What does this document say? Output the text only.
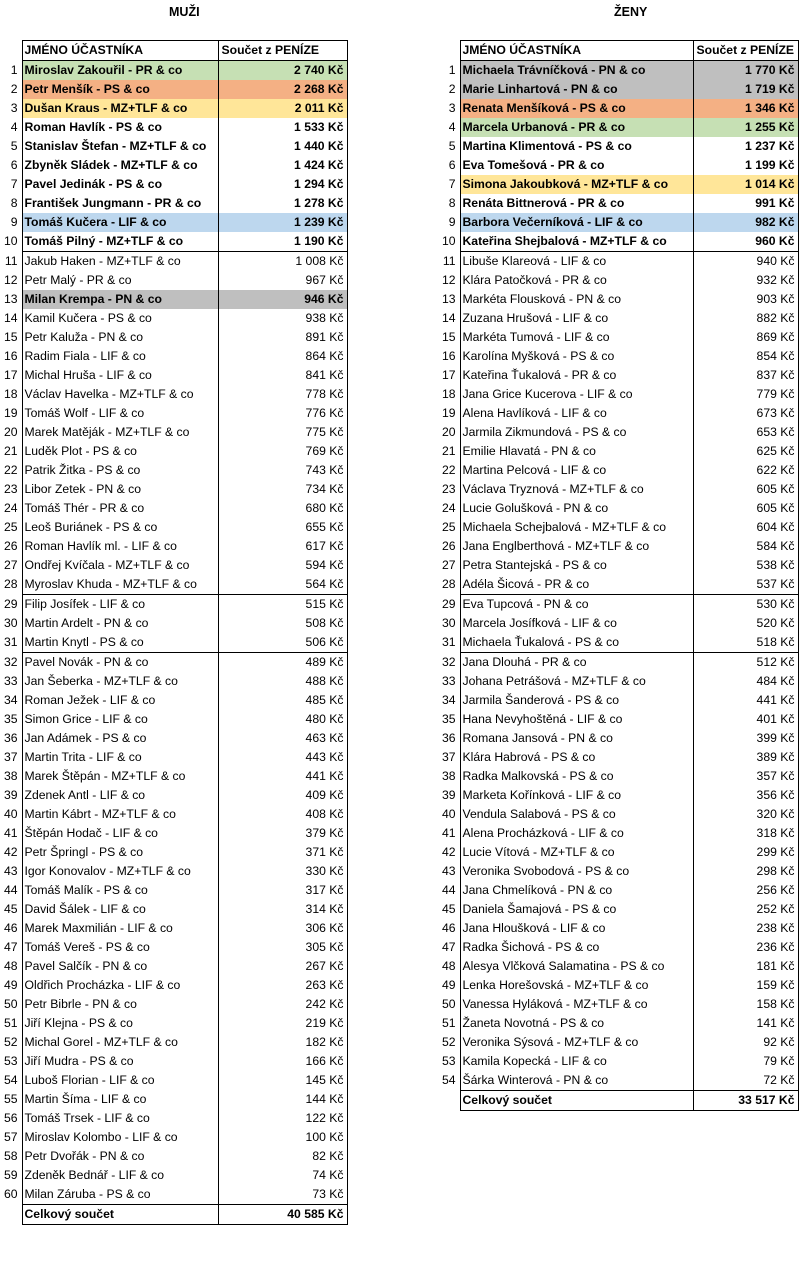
MUŽI	ŽENY
	JMÉNO ÚČASTNÍKA	Součet z PENÍZE
1	Miroslav Zakouřil - PR & co	2 740 Kč
2	Petr Menšík - PS & co	2 268 Kč
3	Dušan Kraus - MZ+TLF & co	2 011 Kč
4	Roman Havlík - PS & co	1 533 Kč
5	Stanislav Štefan - MZ+TLF & co	1 440 Kč
6	Zbyněk Sládek - MZ+TLF & co	1 424 Kč
7	Pavel Jedinák - PS & co	1 294 Kč
8	František Jungmann - PR & co	1 278 Kč
9	Tomáš Kučera - LIF & co	1 239 Kč
10	Tomáš Pilný - MZ+TLF & co	1 190 Kč
11	Jakub Haken - MZ+TLF & co	1 008 Kč
12	Petr Malý - PR & co	967 Kč
13	Milan Krempa - PN & co	946 Kč
14	Kamil Kučera - PS & co	938 Kč
15	Petr Kaluža - PN & co	891 Kč
16	Radim Fiala - LIF & co	864 Kč
17	Michal Hruša - LIF & co	841 Kč
18	Václav Havelka - MZ+TLF & co	778 Kč
19	Tomáš Wolf - LIF & co	776 Kč
20	Marek Matěják - MZ+TLF & co	775 Kč
21	Luděk Plot - PS & co	769 Kč
22	Patrik Žitka - PS & co	743 Kč
23	Libor Zetek - PN & co	734 Kč
24	Tomáš Thér - PR & co	680 Kč
25	Leoš Buriánek - PS & co	655 Kč
26	Roman Havlík ml. - LIF & co	617 Kč
27	Ondřej Kvíčala - MZ+TLF & co	594 Kč
28	Myroslav Khuda - MZ+TLF & co	564 Kč
29	Filip Josífek - LIF & co	515 Kč
30	Martin Ardelt - PN & co	508 Kč
31	Martin Knytl - PS & co	506 Kč
32	Pavel Novák - PN & co	489 Kč
33	Jan Šeberka - MZ+TLF & co	488 Kč
34	Roman Ježek - LIF & co	485 Kč
35	Simon Grice - LIF & co	480 Kč
36	Jan Adámek - PS & co	463 Kč
37	Martin Trita - LIF & co	443 Kč
38	Marek Štěpán - MZ+TLF & co	441 Kč
39	Zdenek Antl - LIF & co	409 Kč
40	Martin Kábrt - MZ+TLF & co	408 Kč
41	Štěpán Hodač - LIF & co	379 Kč
42	Petr Špringl - PS & co	371 Kč
43	Igor Konovalov - MZ+TLF & co	330 Kč
44	Tomáš Malík - PS & co	317 Kč
45	David Šálek - LIF & co	314 Kč
46	Marek Maxmilián - LIF & co	306 Kč
47	Tomáš Vereš - PS & co	305 Kč
48	Pavel Salčík - PN & co	267 Kč
49	Oldřich Procházka - LIF & co	263 Kč
50	Petr Bibrle - PN & co	242 Kč
51	Jiří Klejna - PS & co	219 Kč
52	Michal Gorel - MZ+TLF & co	182 Kč
53	Jiří Mudra - PS & co	166 Kč
54	Luboš Florian - LIF & co	145 Kč
55	Martin Šíma - LIF & co	144 Kč
56	Tomáš Trsek - LIF & co	122 Kč
57	Miroslav Kolombo - LIF & co	100 Kč
58	Petr Dvořák - PN & co	82 Kč
59	Zdeněk Bednář - LIF & co	74 Kč
60	Milan Záruba - PS & co	73 Kč
	Celkový součet	40 585 Kč
	JMÉNO ÚČASTNÍKA	Součet z PENÍZE
1	Michaela Trávníčková - PN & co	1 770 Kč
2	Marie Linhartová - PN & co	1 719 Kč
3	Renata Menšíková - PS & co	1 346 Kč
4	Marcela Urbanová - PR & co	1 255 Kč
5	Martina Klimentová - PS & co	1 237 Kč
6	Eva Tomešová - PR & co	1 199 Kč
7	Simona Jakoubková - MZ+TLF & co	1 014 Kč
8	Renáta Bittnerová - PR & co	991 Kč
9	Barbora Večerníková - LIF & co	982 Kč
10	Kateřina Shejbalová - MZ+TLF & co	960 Kč
11	Libuše Klareová - LIF & co	940 Kč
12	Klára Patočková - PR & co	932 Kč
13	Markéta Flousková - PN & co	903 Kč
14	Zuzana Hrušová - LIF & co	882 Kč
15	Markéta Tumová - LIF & co	869 Kč
16	Karolína Myšková - PS & co	854 Kč
17	Kateřina Ťukalová - PR & co	837 Kč
18	Jana Grice Kucerova - LIF & co	779 Kč
19	Alena Havlíková - LIF & co	673 Kč
20	Jarmila Zikmundová - PS & co	653 Kč
21	Emilie Hlavatá - PN & co	625 Kč
22	Martina Pelcová - LIF & co	622 Kč
23	Václava Tryznová - MZ+TLF & co	605 Kč
24	Lucie Golušková - PN & co	605 Kč
25	Michaela Schejbalová - MZ+TLF & co	604 Kč
26	Jana Englberthová - MZ+TLF & co	584 Kč
27	Petra Stantejská - PS & co	538 Kč
28	Adéla Šicová - PR & co	537 Kč
29	Eva Tupcová - PN & co	530 Kč
30	Marcela Josífková - LIF & co	520 Kč
31	Michaela Ťukalová - PS & co	518 Kč
32	Jana Dlouhá - PR & co	512 Kč
33	Johana Petrášová - MZ+TLF & co	484 Kč
34	Jarmila Šanderová - PS & co	441 Kč
35	Hana Nevyhoštěná - LIF & co	401 Kč
36	Romana Jansová - PN & co	399 Kč
37	Klára Habrová - PS & co	389 Kč
38	Radka Malkovská - PS & co	357 Kč
39	Marketa Kořínková - LIF & co	356 Kč
40	Vendula Salabová - PS & co	320 Kč
41	Alena Procházková - LIF & co	318 Kč
42	Lucie Vítová - MZ+TLF & co	299 Kč
43	Veronika Svobodová - PS & co	298 Kč
44	Jana Chmelíková - PN & co	256 Kč
45	Daniela Šamajová - PS & co	252 Kč
46	Jana Hloušková - LIF & co	238 Kč
47	Radka Šichová - PS & co	236 Kč
48	Alesya Vlčková Salamatina - PS & co	181 Kč
49	Lenka Horešovská - MZ+TLF & co	159 Kč
50	Vanessa Hyláková - MZ+TLF & co	158 Kč
51	Žaneta Novotná - PS & co	141 Kč
52	Veronika Sýsová - MZ+TLF & co	92 Kč
53	Kamila Kopecká - LIF & co	79 Kč
54	Šárka Winterová - PN & co	72 Kč
	Celkový součet	33 517 Kč
